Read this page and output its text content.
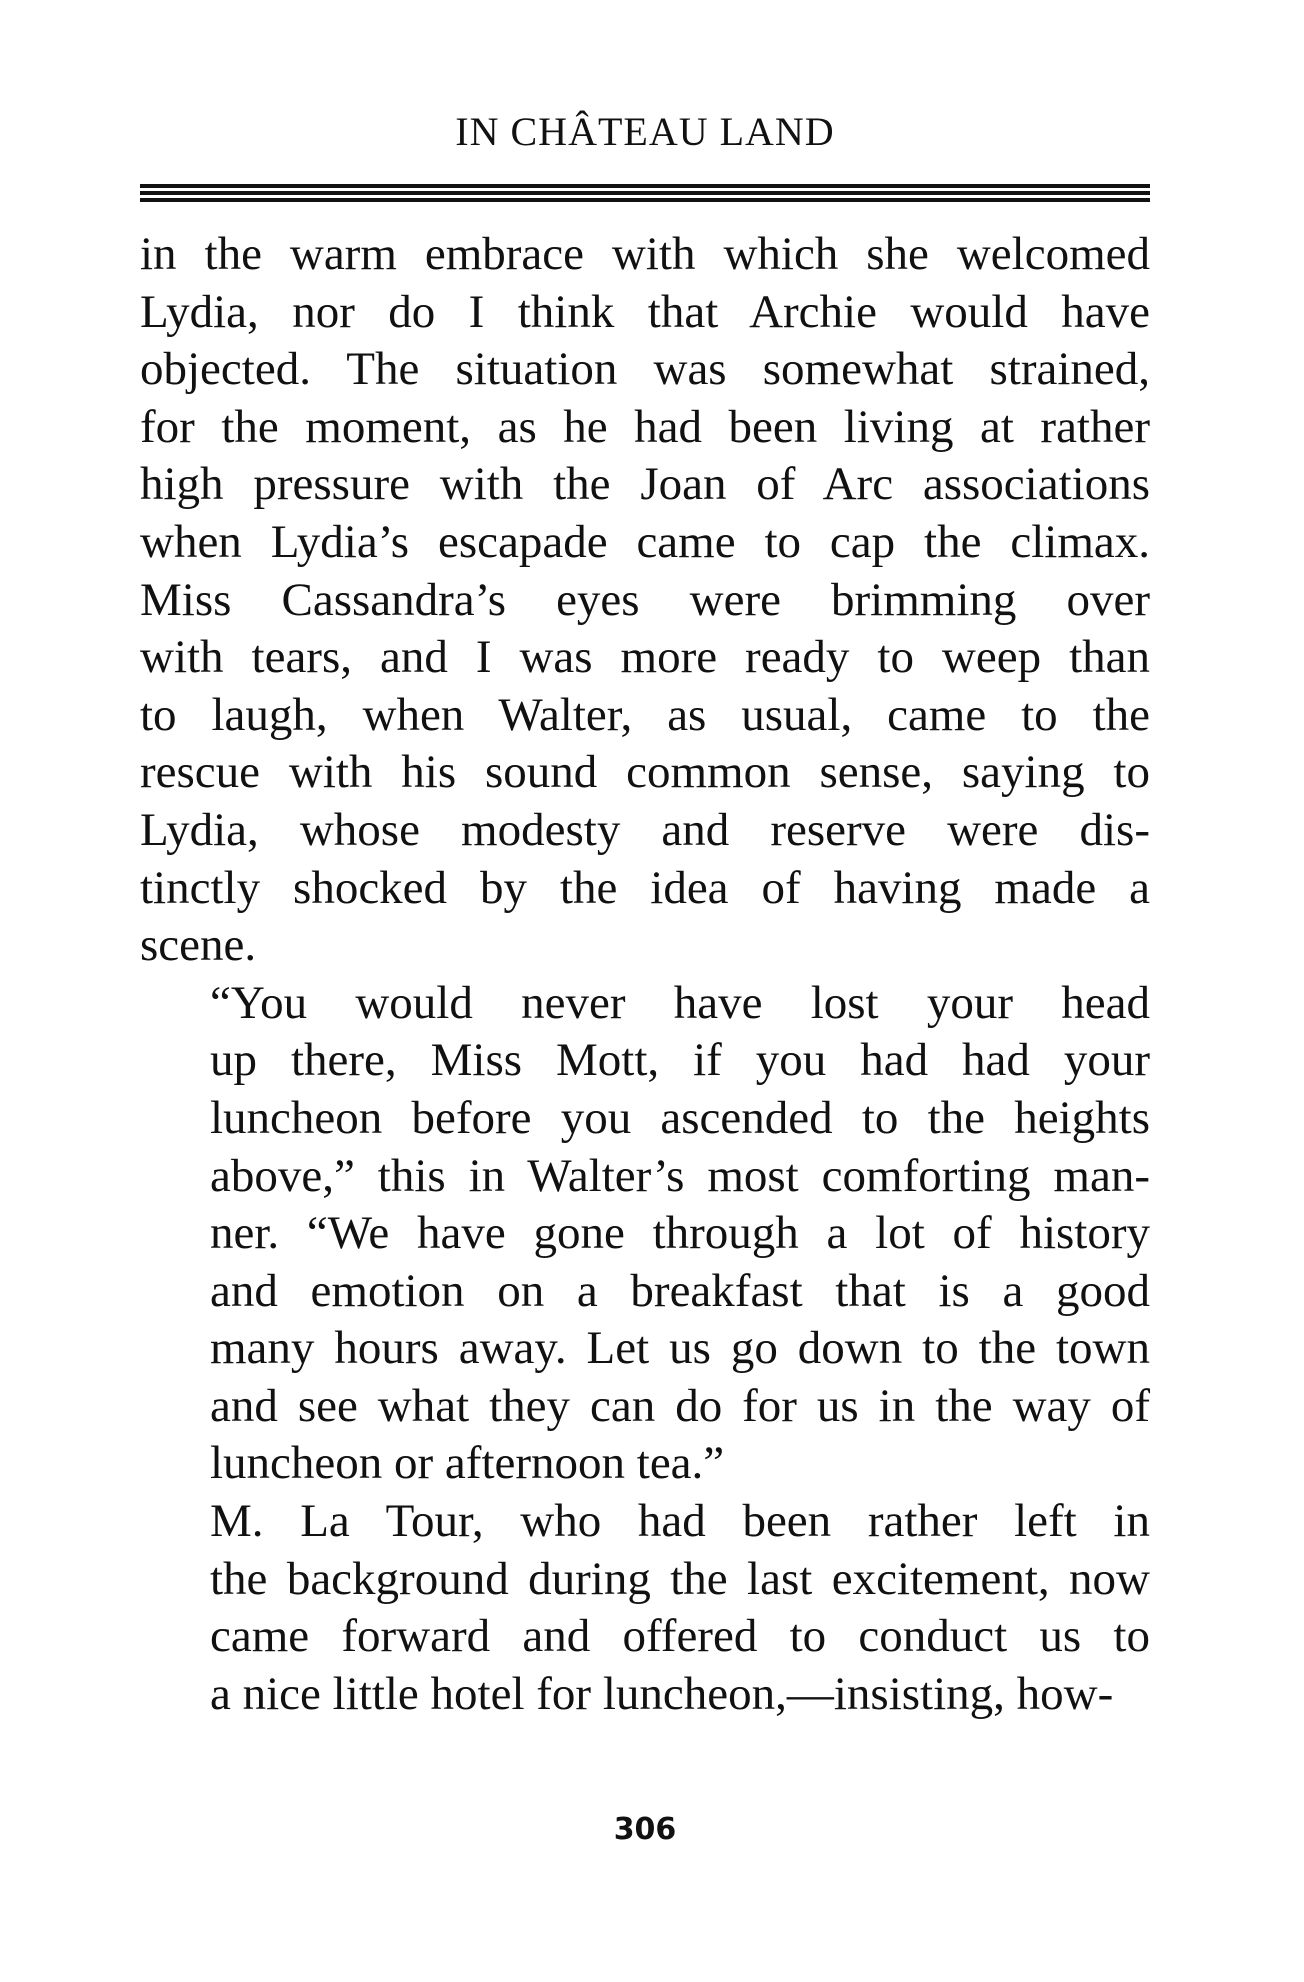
IN CHÂTEAU LAND

in the warm embrace with which she welcomed
Lydia, nor do I think that Archie would have
objected. The situation was somewhat strained,
for the moment, as he had been living at rather
high pressure with the Joan of Arc associations
when Lydia’s escapade came to cap the climax.
Miss Cassandra’s eyes were brimming over
with tears, and I was more ready to weep than
to laugh, when Walter, as usual, came to the
rescue with his sound common sense, saying to
Lydia, whose modesty and reserve were dis-
tinctly shocked by the idea of having made a
scene.

“You would never have lost your head
up there, Miss Mott, if you had had your
luncheon before you ascended to the heights
above,” this in Walter’s most comforting man-
ner. “We have gone through a lot of history
and emotion on a breakfast that is a good
many hours away. Let us go down to the town
and see what they can do for us in the way of
luncheon or afternoon tea.”

M. La Tour, who had been rather left in
the background during the last excitement, now
came forward and offered to conduct us to
a nice little hotel for luncheon,—insisting, how-

306
